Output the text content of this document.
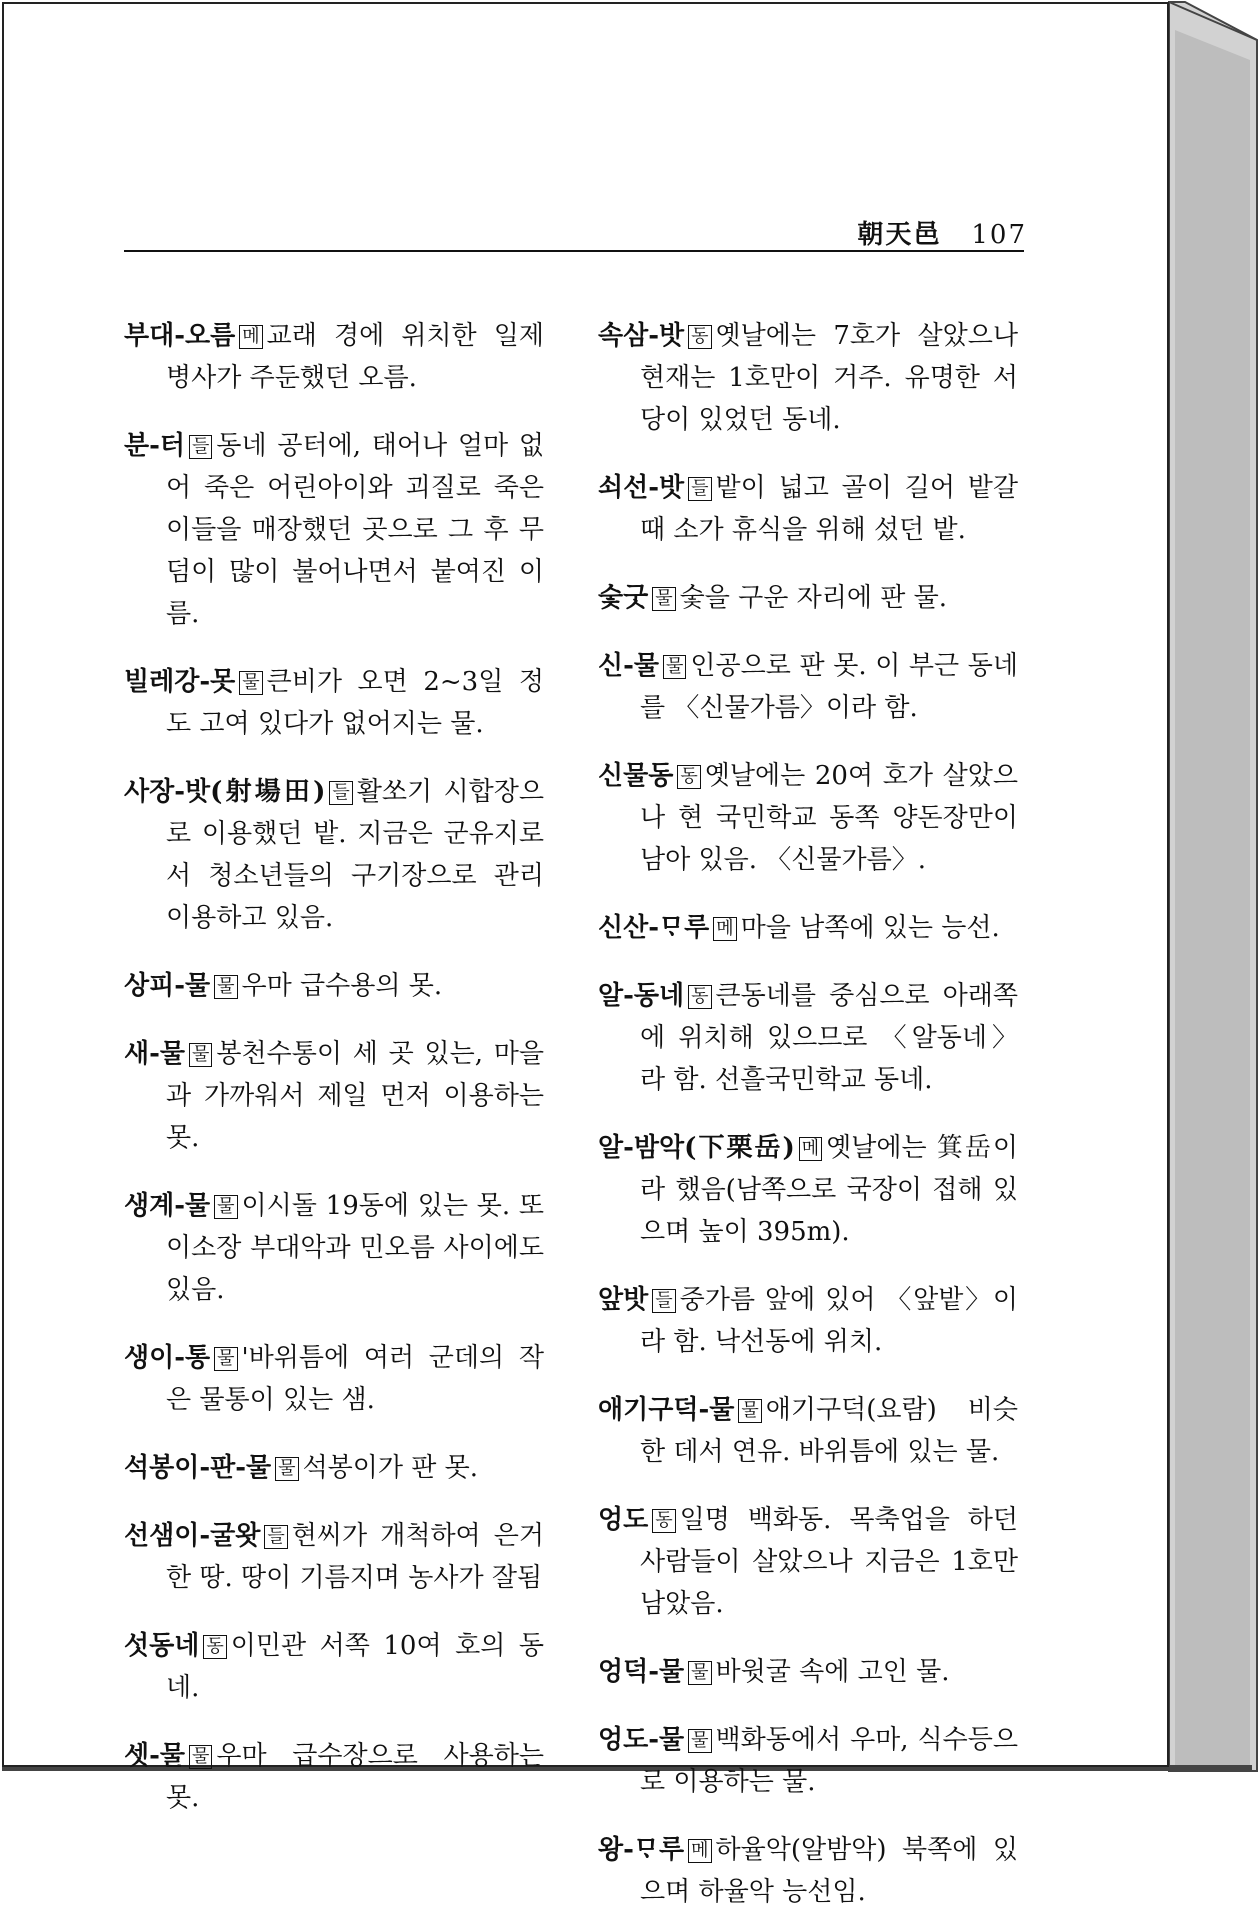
朝天邑 107

부대-오름 메 교래 경에 위치한 일제 병사가 주둔했던 오름.

분-터 들 동네 공터에, 태어나 얼마 없어 죽은 어린아이와 괴질로 죽은 이들을 매장했던 곳으로 그 후 무덤이 많이 불어나면서 붙여진 이름.

빌레강-못 물 큰비가 오면 2~3일 정도 고여 있다가 없어지는 물.

사장-밧(射場田) 들 활쏘기 시합장으로 이용했던 밭. 지금은 군유지로서 청소년들의 구기장으로 관리 이용하고 있음.

상피-물 물 우마 급수용의 못.

새-물 물 봉천수통이 세 곳 있는, 마을과 가까워서 제일 먼저 이용하는 못.

생계-물 물 이시돌 19동에 있는 못. 또 이소장 부대악과 민오름 사이에도 있음.

생이-통 물 '바위틈에 여러 군데의 작은 물통이 있는 샘.

석봉이-판-물 물 석봉이가 판 못.

선샘이-굴왓 들 현씨가 개척하여 은거한 땅. 땅이 기름지며 농사가 잘됨

섯동네 동 이민관 서쪽 10여 호의 동네.

셋-물 물 우마 급수장으로 사용하는 못.

속삼-밧 동 옛날에는 7호가 살았으나 현재는 1호만이 거주. 유명한 서당이 있었던 동네.

쇠선-밧 들 밭이 넓고 골이 길어 밭갈 때 소가 휴식을 위해 섰던 밭.

숯굿 물 숯을 구운 자리에 판 물.

신-물 물 인공으로 판 못. 이 부근 동네를 〈신물가름〉이라 함.

신물동 동 옛날에는 20여 호가 살았으나 현 국민학교 동쪽 양돈장만이 남아 있음. 〈신물가름〉.

신산-ᄆᆞ루 메 마을 남쪽에 있는 능선.

알-동네 동 큰동네를 중심으로 아래쪽에 위치해 있으므로 〈알동네〉라 함. 선흘국민학교 동네.

알-밤악(下栗岳) 메 옛날에는 箕岳이라 했음(남쪽으로 국장이 접해 있으며 높이 395m).

앞밧 들 중가름 앞에 있어 〈앞밭〉이라 함. 낙선동에 위치.

애기구덕-물 물 애기구덕(요람) 비슷한 데서 연유. 바위틈에 있는 물.

엉도 동 일명 백화동. 목축업을 하던 사람들이 살았으나 지금은 1호만 남았음.

엉덕-물 물 바윗굴 속에 고인 물.

엉도-물 물 백화동에서 우마, 식수등으로 이용하는 물.

왕-ᄆᆞ루 메 하율악(알밤악) 북쪽에 있으며 하율악 능선임.
